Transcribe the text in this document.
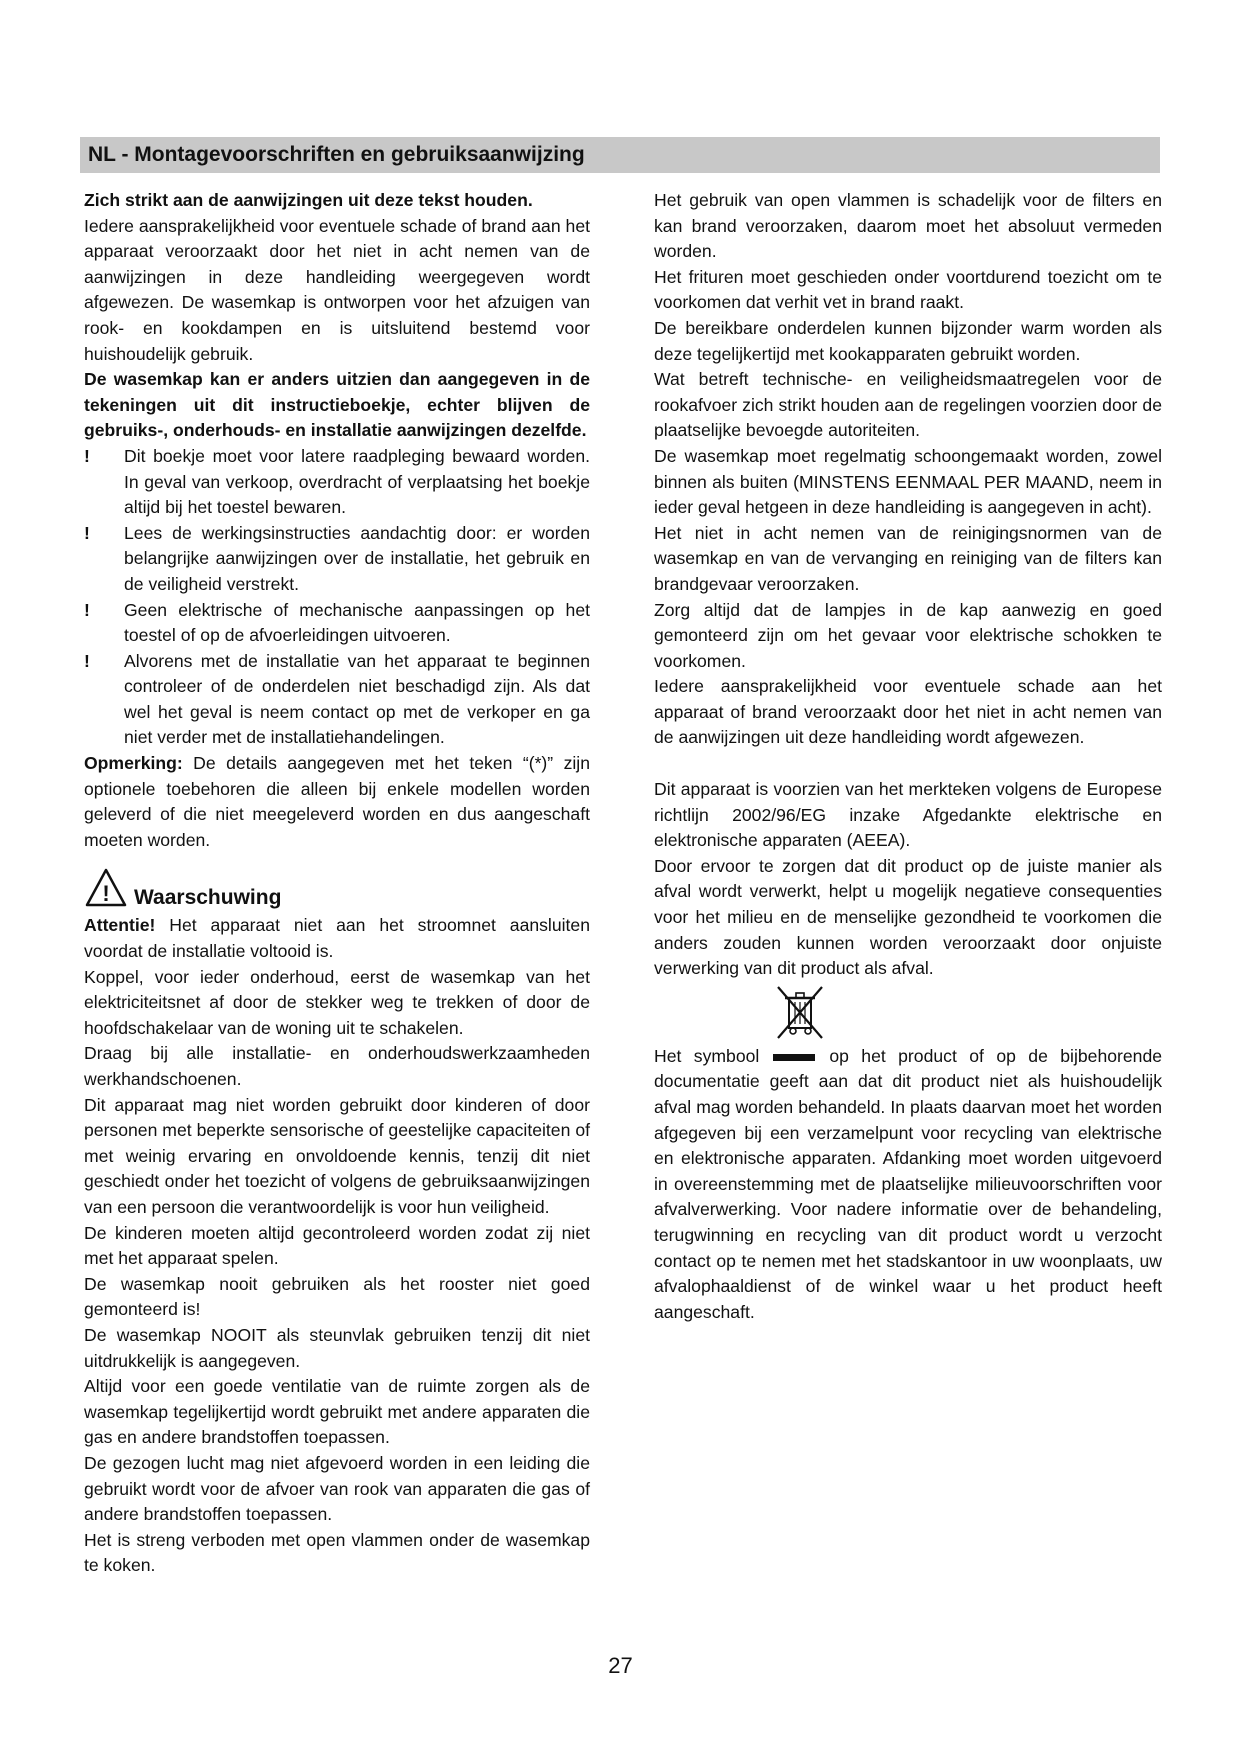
NL - Montagevoorschriften en gebruiksaanwijzing

Zich strikt aan de aanwijzingen uit deze tekst houden.

Iedere aansprakelijkheid voor eventuele schade of brand aan het apparaat veroorzaakt door het niet in acht nemen van de aanwijzingen in deze handleiding weergegeven wordt afgewezen. De wasemkap is ontworpen voor het afzuigen van rook- en kookdampen en is uitsluitend bestemd voor huishoudelijk gebruik.

De wasemkap kan er anders uitzien dan aangegeven in de tekeningen uit dit instructieboekje, echter blijven de gebruiks-, onderhouds- en installatie aanwijzingen dezelfde.

! Dit boekje moet voor latere raadpleging bewaard worden. In geval van verkoop, overdracht of verplaatsing het boekje altijd bij het toestel bewaren.

! Lees de werkingsinstructies aandachtig door: er worden belangrijke aanwijzingen over de installatie, het gebruik en de veiligheid verstrekt.

! Geen elektrische of mechanische aanpassingen op het toestel of op de afvoerleidingen uitvoeren.

! Alvorens met de installatie van het apparaat te beginnen controleer of de onderdelen niet beschadigd zijn. Als dat wel het geval is neem contact op met de verkoper en ga niet verder met de installatiehandelingen.

Opmerking: De details aangegeven met het teken “(*)” zijn optionele toebehoren die alleen bij enkele modellen worden geleverd of die niet meegeleverd worden en dus aangeschaft moeten worden.

! Waarschuwing

Attentie! Het apparaat niet aan het stroomnet aansluiten voordat de installatie voltooid is.

Koppel, voor ieder onderhoud, eerst de wasemkap van het elektriciteitsnet af door de stekker weg te trekken of door de hoofdschakelaar van de woning uit te schakelen.

Draag bij alle installatie- en onderhoudswerkzaamheden werkhandschoenen.

Dit apparaat mag niet worden gebruikt door kinderen of door personen met beperkte sensorische of geestelijke capaciteiten of met weinig ervaring en onvoldoende kennis, tenzij dit niet geschiedt onder het toezicht of volgens de gebruiksaanwijzingen van een persoon die verantwoordelijk is voor hun veiligheid.

De kinderen moeten altijd gecontroleerd worden zodat zij niet met het apparaat spelen.

De wasemkap nooit gebruiken als het rooster niet goed gemonteerd is!

De wasemkap NOOIT als steunvlak gebruiken tenzij dit niet uitdrukkelijk is aangegeven.

Altijd voor een goede ventilatie van de ruimte zorgen als de wasemkap tegelijkertijd wordt gebruikt met andere apparaten die gas en andere brandstoffen toepassen.

De gezogen lucht mag niet afgevoerd worden in een leiding die gebruikt wordt voor de afvoer van rook van apparaten die gas of andere brandstoffen toepassen.

Het is streng verboden met open vlammen onder de wasemkap te koken.

Het gebruik van open vlammen is schadelijk voor de filters en kan brand veroorzaken, daarom moet het absoluut vermeden worden.

Het frituren moet geschieden onder voortdurend toezicht om te voorkomen dat verhit vet in brand raakt.

De bereikbare onderdelen kunnen bijzonder warm worden als deze tegelijkertijd met kookapparaten gebruikt worden.

Wat betreft technische- en veiligheidsmaatregelen voor de rookafvoer zich strikt houden aan de regelingen voorzien door de plaatselijke bevoegde autoriteiten.

De wasemkap moet regelmatig schoongemaakt worden, zowel binnen als buiten (MINSTENS EENMAAL PER MAAND, neem in ieder geval hetgeen in deze handleiding is aangegeven in acht).

Het niet in acht nemen van de reinigingsnormen van de wasemkap en van de vervanging en reiniging van de filters kan brandgevaar veroorzaken.

Zorg altijd dat de lampjes in de kap aanwezig en goed gemonteerd zijn om het gevaar voor elektrische schokken te voorkomen.

Iedere aansprakelijkheid voor eventuele schade aan het apparaat of brand veroorzaakt door het niet in acht nemen van de aanwijzingen uit deze handleiding wordt afgewezen.

Dit apparaat is voorzien van het merkteken volgens de Europese richtlijn 2002/96/EG inzake Afgedankte elektrische en elektronische apparaten (AEEA).

Door ervoor te zorgen dat dit product op de juiste manier als afval wordt verwerkt, helpt u mogelijk negatieve consequenties voor het milieu en de menselijke gezondheid te voorkomen die anders zouden kunnen worden veroorzaakt door onjuiste verwerking van dit product als afval.

Het symbool	op het product of op de bijbehorende documentatie geeft aan dat dit product niet als huishoudelijk afval mag worden behandeld. In plaats daarvan moet het worden afgegeven bij een verzamelpunt voor recycling van elektrische en elektronische apparaten. Afdanking moet worden uitgevoerd in overeenstemming met de plaatselijke milieuvoorschriften voor afvalverwerking. Voor nadere informatie over de behandeling, terugwinning en recycling van dit product wordt u verzocht contact op te nemen met het stadskantoor in uw woonplaats, uw afvalophaaldienst of de winkel waar u het product heeft aangeschaft.

27
